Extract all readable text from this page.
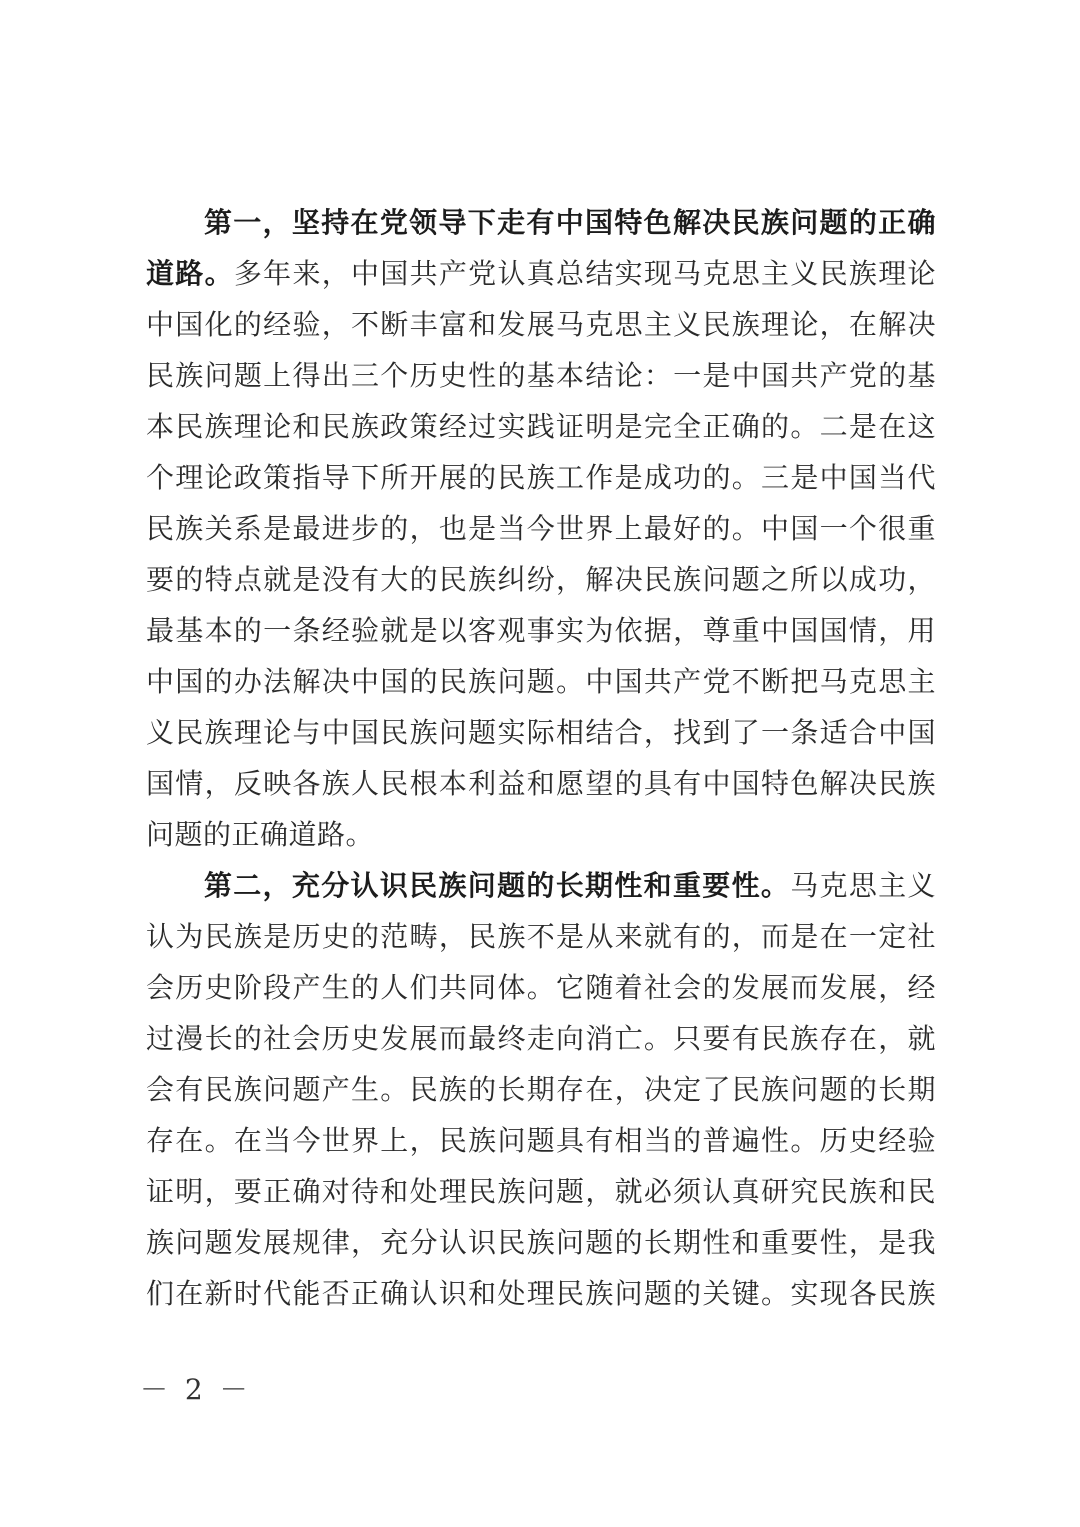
第一，坚持在党领导下走有中国特色解决民族问题的正确
道路。多年来，中国共产党认真总结实现马克思主义民族理论
中国化的经验，不断丰富和发展马克思主义民族理论，在解决
民族问题上得出三个历史性的基本结论：一是中国共产党的基
本民族理论和民族政策经过实践证明是完全正确的。二是在这
个理论政策指导下所开展的民族工作是成功的。三是中国当代
民族关系是最进步的，也是当今世界上最好的。中国一个很重
要的特点就是没有大的民族纠纷，解决民族问题之所以成功，
最基本的一条经验就是以客观事实为依据，尊重中国国情，用
中国的办法解决中国的民族问题。中国共产党不断把马克思主
义民族理论与中国民族问题实际相结合，找到了一条适合中国
国情，反映各族人民根本利益和愿望的具有中国特色解决民族
问题的正确道路。
第二，充分认识民族问题的长期性和重要性。马克思主义
认为民族是历史的范畴，民族不是从来就有的，而是在一定社
会历史阶段产生的人们共同体。它随着社会的发展而发展，经
过漫长的社会历史发展而最终走向消亡。只要有民族存在，就
会有民族问题产生。民族的长期存在，决定了民族问题的长期
存在。在当今世界上，民族问题具有相当的普遍性。历史经验
证明，要正确对待和处理民族问题，就必须认真研究民族和民
族问题发展规律，充分认识民族问题的长期性和重要性，是我
们在新时代能否正确认识和处理民族问题的关键。实现各民族
－ 2 －
